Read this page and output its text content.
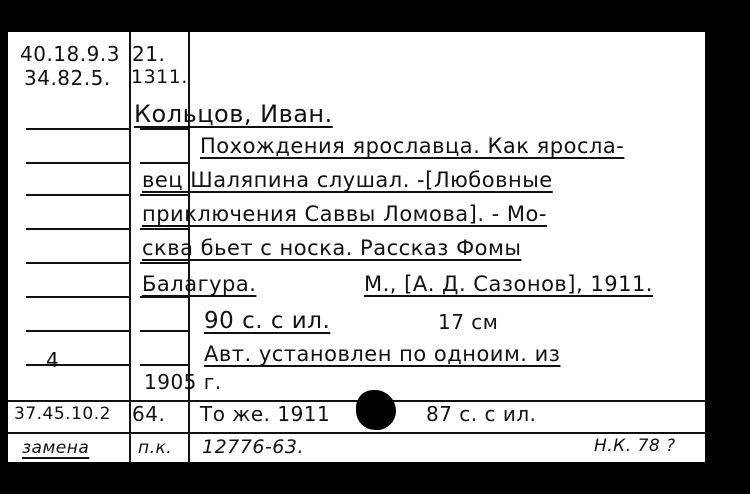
40.18.9.3
34.82.5.
21.
1311.
4
37.45.10.2 64.
замена	п.к.
Кольцов, Иван.
Похождения ярославца. Как яросла-
вец Шаляпина слушал. -[Любовные
приключения Саввы Ломова]. - Мо-
сква бьет с носка. Рассказ Фомы
Балагура.	М., [А. Д. Сазонов], 1911.
90 с. с ил.	17 см
Авт. установлен по одноим. из
1905 г.
То же. 1911	87 с. с ил.
12776-63.	Н.К. 78 ?
